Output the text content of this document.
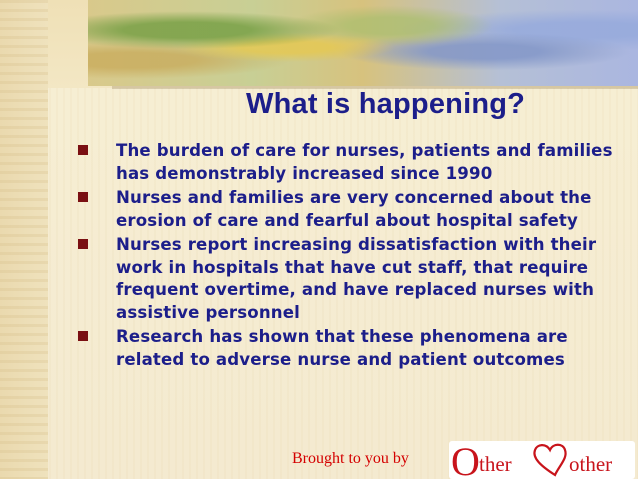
What is happening?
The burden of care for nurses, patients and families has demonstrably increased since 1990
Nurses and families are very concerned about the erosion of care and fearful about hospital safety
Nurses report increasing dissatisfaction with their work in hospitals that have cut staff, that require frequent overtime, and have replaced nurses with assistive personnel
Research has shown that these phenomena are related to adverse nurse and patient outcomes
Brought to you by O ther	other
